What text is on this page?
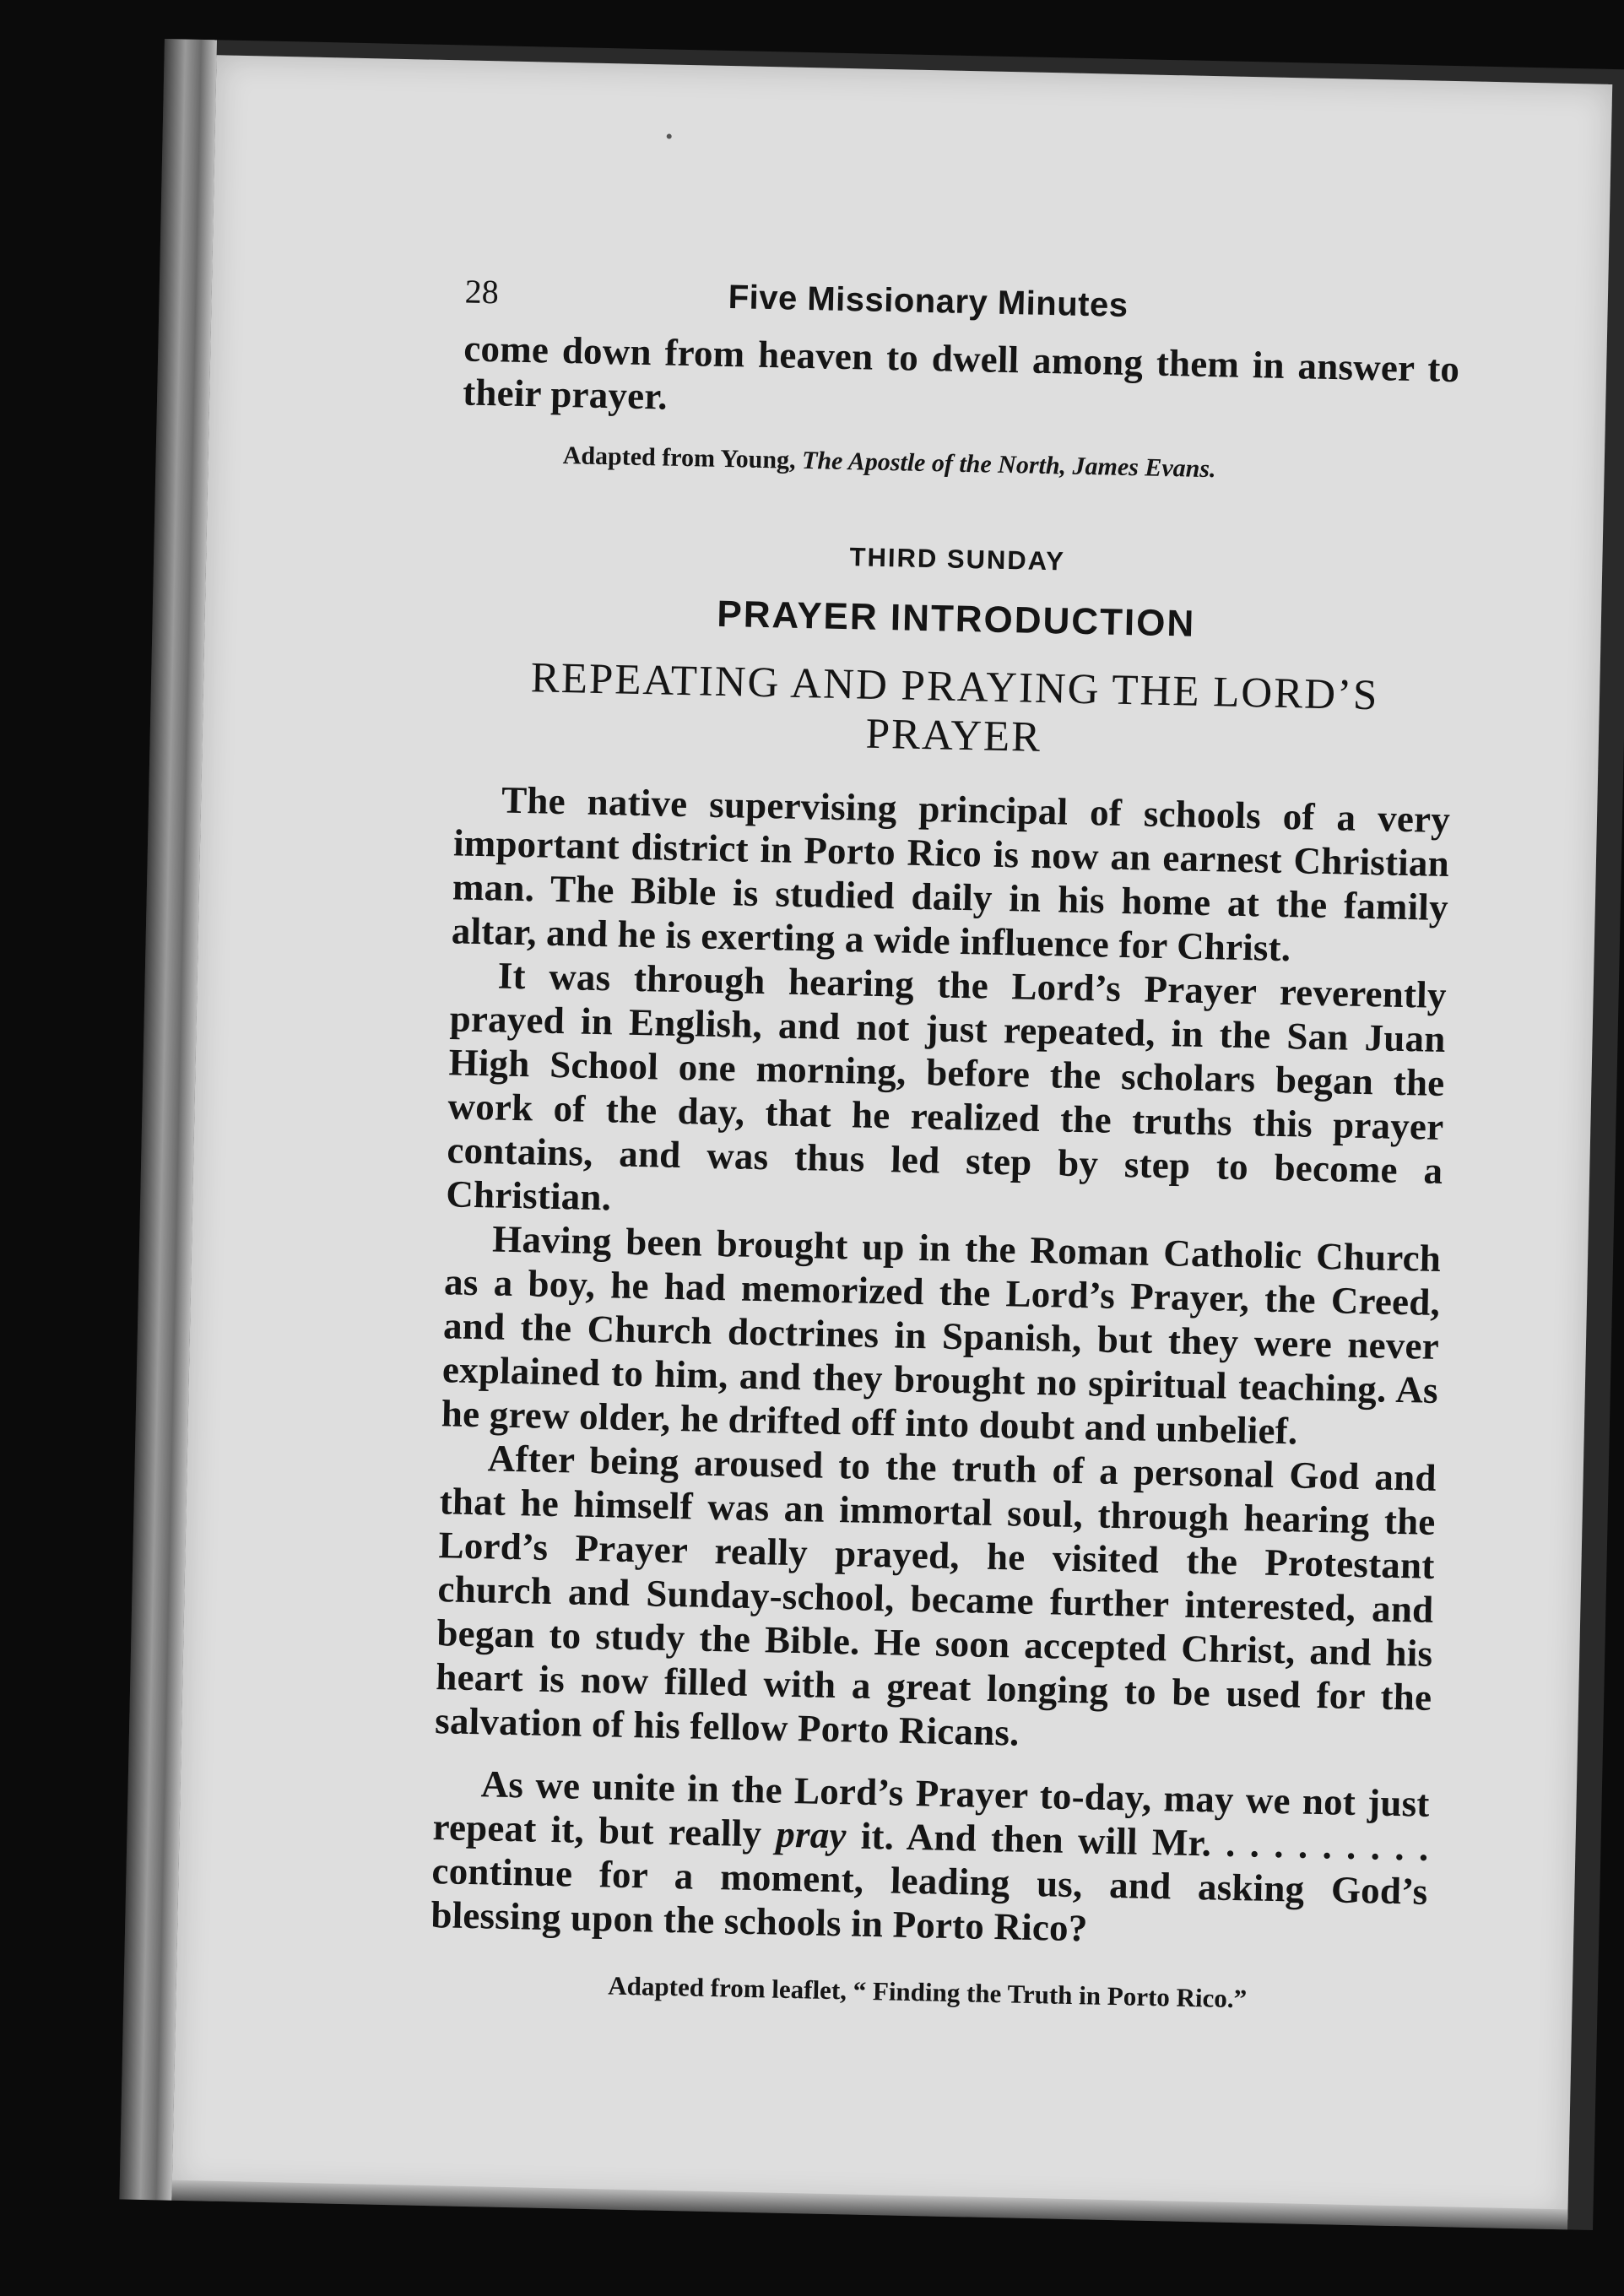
28	Five Missionary Minutes

come down from heaven to dwell among them in answer to their prayer.

Adapted from Young, The Apostle of the North, James Evans.
THIRD SUNDAY
PRAYER INTRODUCTION
REPEATING AND PRAYING THE LORD’S PRAYER

The native supervising principal of schools of a very important district in Porto Rico is now an earnest Christian man. The Bible is studied daily in his home at the family altar, and he is exerting a wide influence for Christ.

It was through hearing the Lord’s Prayer reverently prayed in English, and not just repeated, in the San Juan High School one morning, before the scholars began the work of the day, that he realized the truths this prayer contains, and was thus led step by step to become a Christian.

Having been brought up in the Roman Catholic Church as a boy, he had memorized the Lord’s Prayer, the Creed, and the Church doctrines in Spanish, but they were never explained to him, and they brought no spiritual teaching. As he grew older, he drifted off into doubt and unbelief.

After being aroused to the truth of a personal God and that he himself was an immortal soul, through hearing the Lord’s Prayer really prayed, he visited the Protestant church and Sunday-school, became further interested, and began to study the Bible. He soon accepted Christ, and his heart is now filled with a great longing to be used for the salvation of his fellow Porto Ricans.

As we unite in the Lord’s Prayer to-day, may we not just repeat it, but really pray it. And then will Mr. . . . . . . . . . continue for a moment, leading us, and asking God’s blessing upon the schools in Porto Rico?

Adapted from leaflet, “ Finding the Truth in Porto Rico.”
